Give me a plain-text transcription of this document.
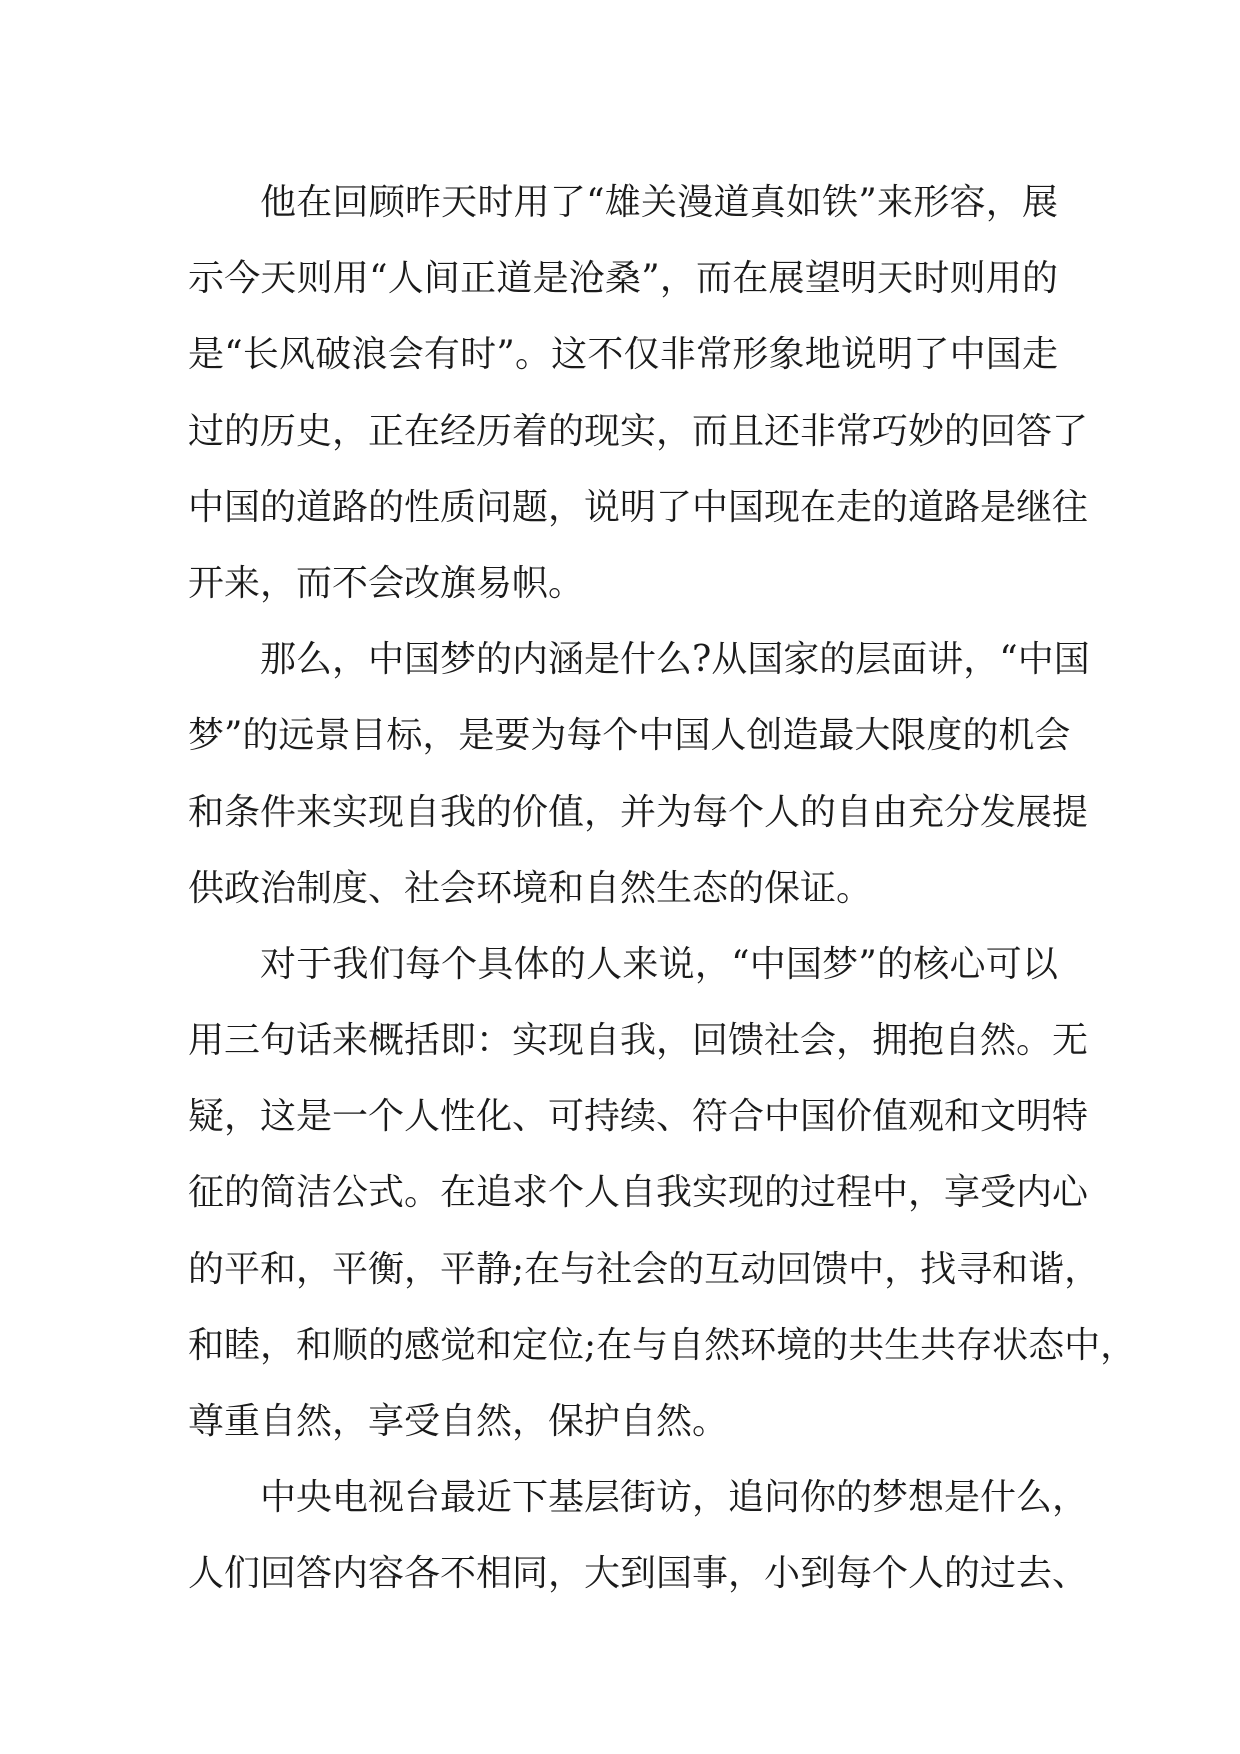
他在回顾昨天时用了“雄关漫道真如铁”来形容，展
示今天则用“人间正道是沧桑”，而在展望明天时则用的
是“长风破浪会有时”。这不仅非常形象地说明了中国走
过的历史，正在经历着的现实，而且还非常巧妙的回答了
中国的道路的性质问题，说明了中国现在走的道路是继往
开来，而不会改旗易帜。
那么，中国梦的内涵是什么?从国家的层面讲，“中国
梦”的远景目标，是要为每个中国人创造最大限度的机会
和条件来实现自我的价值，并为每个人的自由充分发展提
供政治制度、社会环境和自然生态的保证。
对于我们每个具体的人来说，“中国梦”的核心可以
用三句话来概括即：实现自我，回馈社会，拥抱自然。无
疑，这是一个人性化、可持续、符合中国价值观和文明特
征的简洁公式。在追求个人自我实现的过程中，享受内心
的平和，平衡，平静;在与社会的互动回馈中，找寻和谐，
和睦，和顺的感觉和定位;在与自然环境的共生共存状态中，
尊重自然，享受自然，保护自然。
中央电视台最近下基层街访，追问你的梦想是什么，
人们回答内容各不相同，大到国事，小到每个人的过去、
